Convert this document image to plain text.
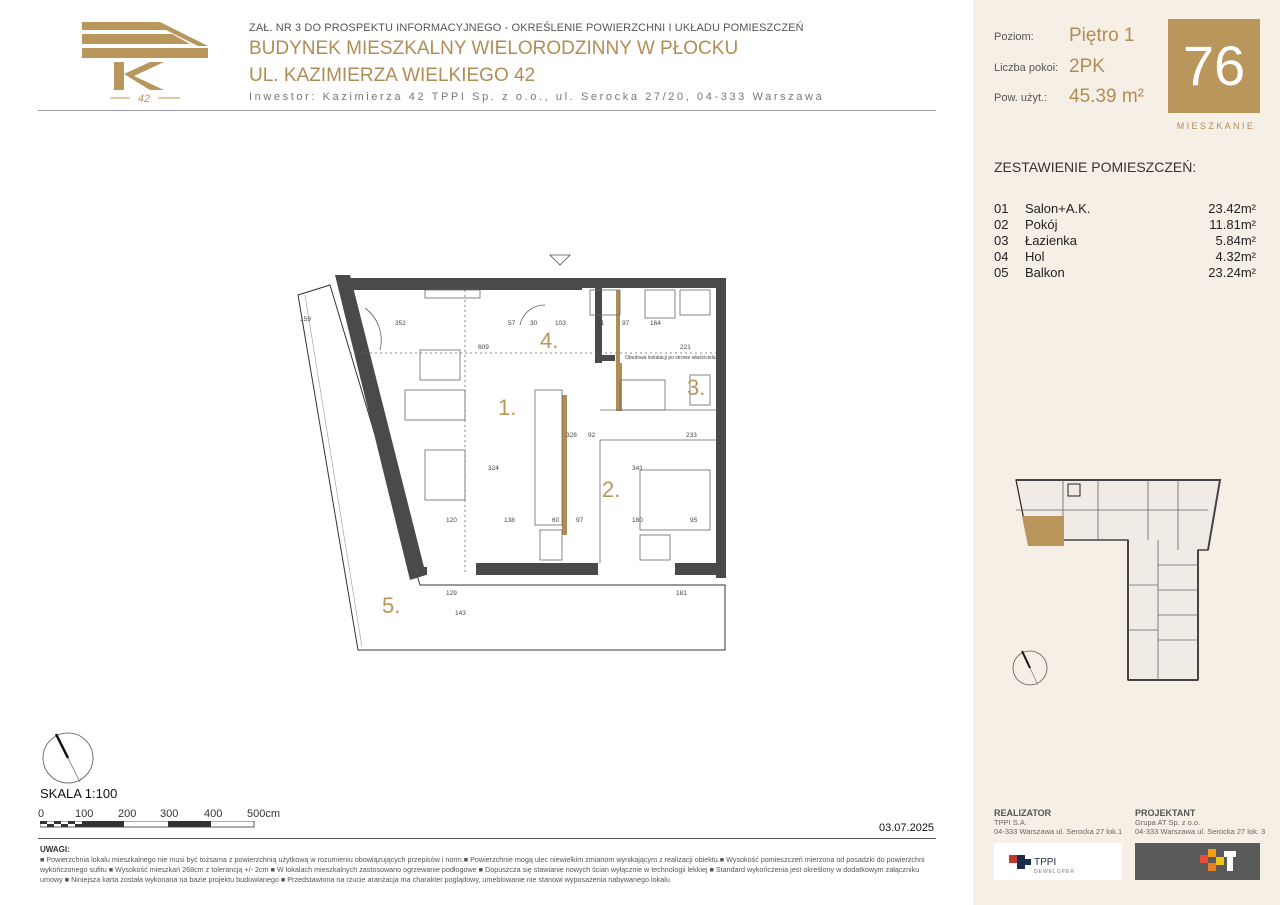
42
ZAŁ. NR 3 DO PROSPEKTU INFORMACYJNEGO - OKREŚLENIE POWIERZCHNI I UKŁADU POMIESZCZEŃ
BUDYNEK MIESZKALNY WIELORODZINNY W PŁOCKU
UL. KAZIMIERZA WIELKIEGO 42
Inwestor: Kazimierza 42 TPPI Sp. z o.o., ul. Serocka 27/20, 04-333 Warszawa
Poziom: Piętro 1
Liczba pokoi: 2PK
Pow. użyt.: 45.39 m² 76
MIESZKANIE
ZESTAWIENIE POMIESZCZEŃ:
01 Salon+A.K.	23.42m²
02 Pokój	11.81m²
03 Łazienka	5.84m²
04 Hol	4.32m²
05 Balkon	23.24m²
159
352	57 30	103	71	97	164
609	221
328 92	233
324	341
120	138	60	97	180	95
129	181
143
Obudowa instalacji po stronie właściciela
1.
2.
3.
4.
5.
SKALA 1:100
0	100 200 300 400 500cm
03.07.2025
UWAGI:
■ Powierzchnia lokalu mieszkalnego nie musi być tożsama z powierzchnią użytkową w rozumieniu obowiązujących przepisów i norm.■ Powierzchnie mogą ulec niewielkim zmianom wynikającym z realizacji obiektu.■ Wysokość pomieszczeń mierzona od posadzki do powierzchni wykończonego sufitu ■ Wysokość mieszkań 268cm z tolerancją +/- 2cm ■ W lokalach mieszkalnych zastosowano ogrzewanie podłogowe ■ Dopuszcza się stawianie nowych ścian wyłącznie w technologii lekkiej ■ Standard wykończenia jest określony w dodatkowym załączniku umowy ■ Niniejsza karta została wykonana na bazie projektu budowlanego ■ Przedstawiona na rzucie aranżacja ma charakter poglądowy, umeblowanie nie stanowi wyposażenia nabywanego lokalu
REALIZATOR
TPPI S.A.
04-333 Warszawa ul. Serocka 27 lok.1
PROJEKTANT
Grupa AT Sp. z o.o.
04-333 Warszawa ul. Serocka 27 lok. 3
TPPI
DEWELOPER
